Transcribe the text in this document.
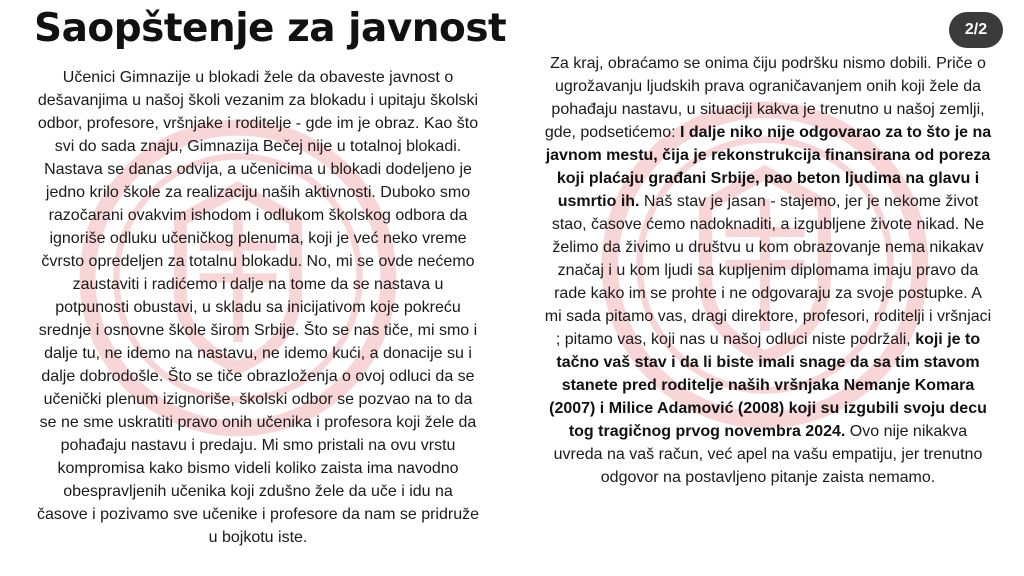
Saopštenje za javnost	2/2

Učenici Gimnazije u blokadi žele da obaveste javnost o dešavanjima u našoj školi vezanim za blokadu i upitaju školski odbor, profesore, vršnjake i roditelje - gde im je obraz. Kao što svi do sada znaju, Gimnazija Bečej nije u totalnoj blokadi. Nastava se danas odvija, a učenicima u blokadi dodeljeno je jedno krilo škole za realizaciju naših aktivnosti. Duboko smo razočarani ovakvim ishodom i odlukom školskog odbora da ignoriše odluku učeničkog plenuma, koji je već neko vreme čvrsto opredeljen za totalnu blokadu. No, mi se ovde nećemo zaustaviti i radićemo i dalje na tome da se nastava u potpunosti obustavi, u skladu sa inicijativom koje pokreću srednje i osnovne škole širom Srbije. Što se nas tiče, mi smo i dalje tu, ne idemo na nastavu, ne idemo kući, a donacije su i dalje dobrodošle. Što se tiče obrazloženja o ovoj odluci da se učenički plenum izignoriše, školski odbor se pozvao na to da se ne sme uskratiti pravo onih učenika i profesora koji žele da pohađaju nastavu i predaju. Mi smo pristali na ovu vrstu kompromisa kako bismo videli koliko zaista ima navodno obespravljenih učenika koji zdušno žele da uče i idu na časove i pozivamo sve učenike i profesore da nam se pridruže u bojkotu iste.

Za kraj, obraćamo se onima čiju podršku nismo dobili. Priče o ugrožavanju ljudskih prava ograničavanjem onih koji žele da pohađaju nastavu, u situaciji kakva je trenutno u našoj zemlji, gde, podsetićemo: I dalje niko nije odgovarao za to što je na javnom mestu, čija je rekonstrukcija finansirana od poreza koji plaćaju građani Srbije, pao beton ljudima na glavu i usmrtio ih. Naš stav je jasan - stajemo, jer je nekome život stao, časove ćemo nadoknaditi, a izgubljene živote nikad. Ne želimo da živimo u društvu u kom obrazovanje nema nikakav značaj i u kom ljudi sa kupljenim diplomama imaju pravo da rade kako im se prohte i ne odgovaraju za svoje postupke. A mi sada pitamo vas, dragi direktore, profesori, roditelji i vršnjaci ; pitamo vas, koji nas u našoj odluci niste podržali, koji je to tačno vaš stav i da li biste imali snage da sa tim stavom stanete pred roditelje naših vršnjaka Nemanje Komara (2007) i Milice Adamović (2008) koji su izgubili svoju decu tog tragičnog prvog novembra 2024. Ovo nije nikakva uvreda na vaš račun, već apel na vašu empatiju, jer trenutno odgovor na postavljeno pitanje zaista nemamo.
